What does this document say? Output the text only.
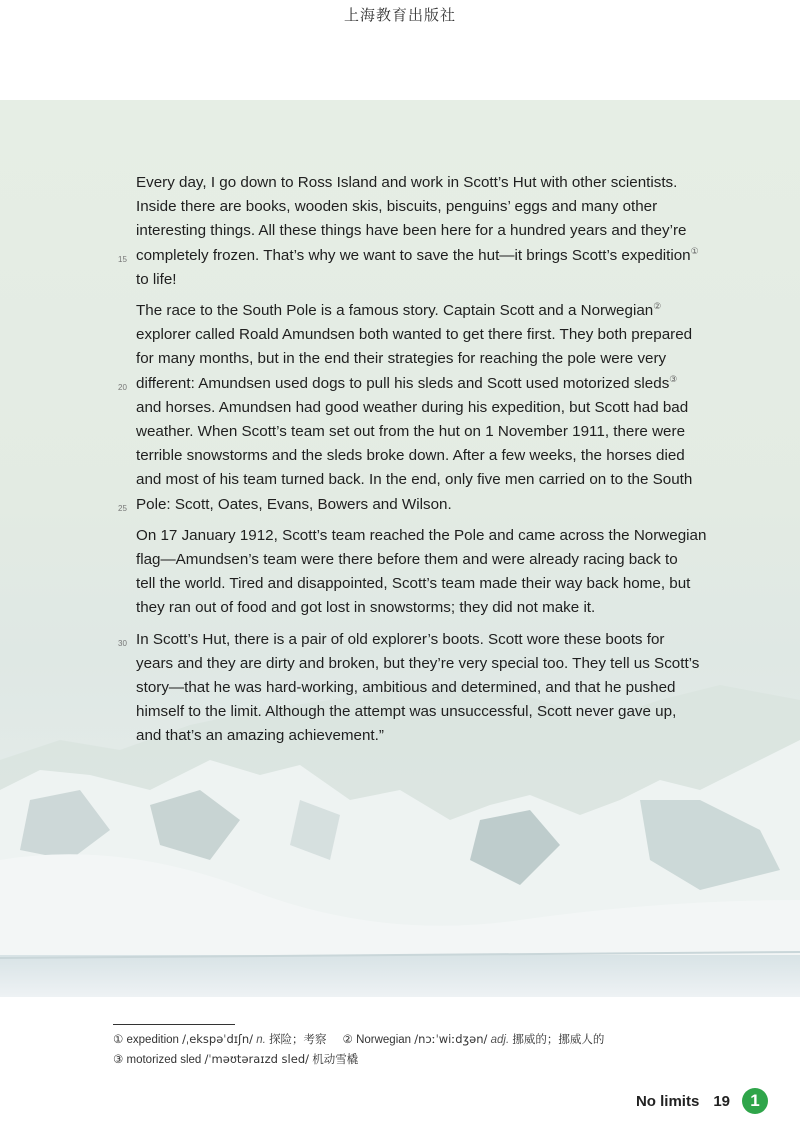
上海教育出版社

Every day, I go down to Ross Island and work in Scott’s Hut with other scientists.
Inside there are books, wooden skis, biscuits, penguins’ eggs and many other
interesting things. All these things have been here for a hundred years and they’re
15 completely frozen. That’s why we want to save the hut—it brings Scott’s expedition①
to life!

The race to the South Pole is a famous story. Captain Scott and a Norwegian②
explorer called Roald Amundsen both wanted to get there first. They both prepared
for many months, but in the end their strategies for reaching the pole were very
20 different: Amundsen used dogs to pull his sleds and Scott used motorized sleds③
and horses. Amundsen had good weather during his expedition, but Scott had bad
weather. When Scott’s team set out from the hut on 1 November 1911, there were
terrible snowstorms and the sleds broke down. After a few weeks, the horses died
and most of his team turned back. In the end, only five men carried on to the South
25 Pole: Scott, Oates, Evans, Bowers and Wilson.

On 17 January 1912, Scott’s team reached the Pole and came across the Norwegian
flag—Amundsen’s team were there before them and were already racing back to
tell the world. Tired and disappointed, Scott’s team made their way back home, but
they ran out of food and got lost in snowstorms; they did not make it.

30 In Scott’s Hut, there is a pair of old explorer’s boots. Scott wore these boots for
years and they are dirty and broken, but they’re very special too. They tell us Scott’s
story—that he was hard-working, ambitious and determined, and that he pushed
himself to the limit. Although the attempt was unsuccessful, Scott never gave up,
and that’s an amazing achievement.”

① expedition /ˌekspəˈdɪʃn/ n. 探险；考察 ② Norwegian /nɔːˈwiːdʒən/ adj. 挪威的；挪威人的
③ motorized sled /ˈməʊtəraɪzd sled/ 机动雪橇
No limits 19	1
